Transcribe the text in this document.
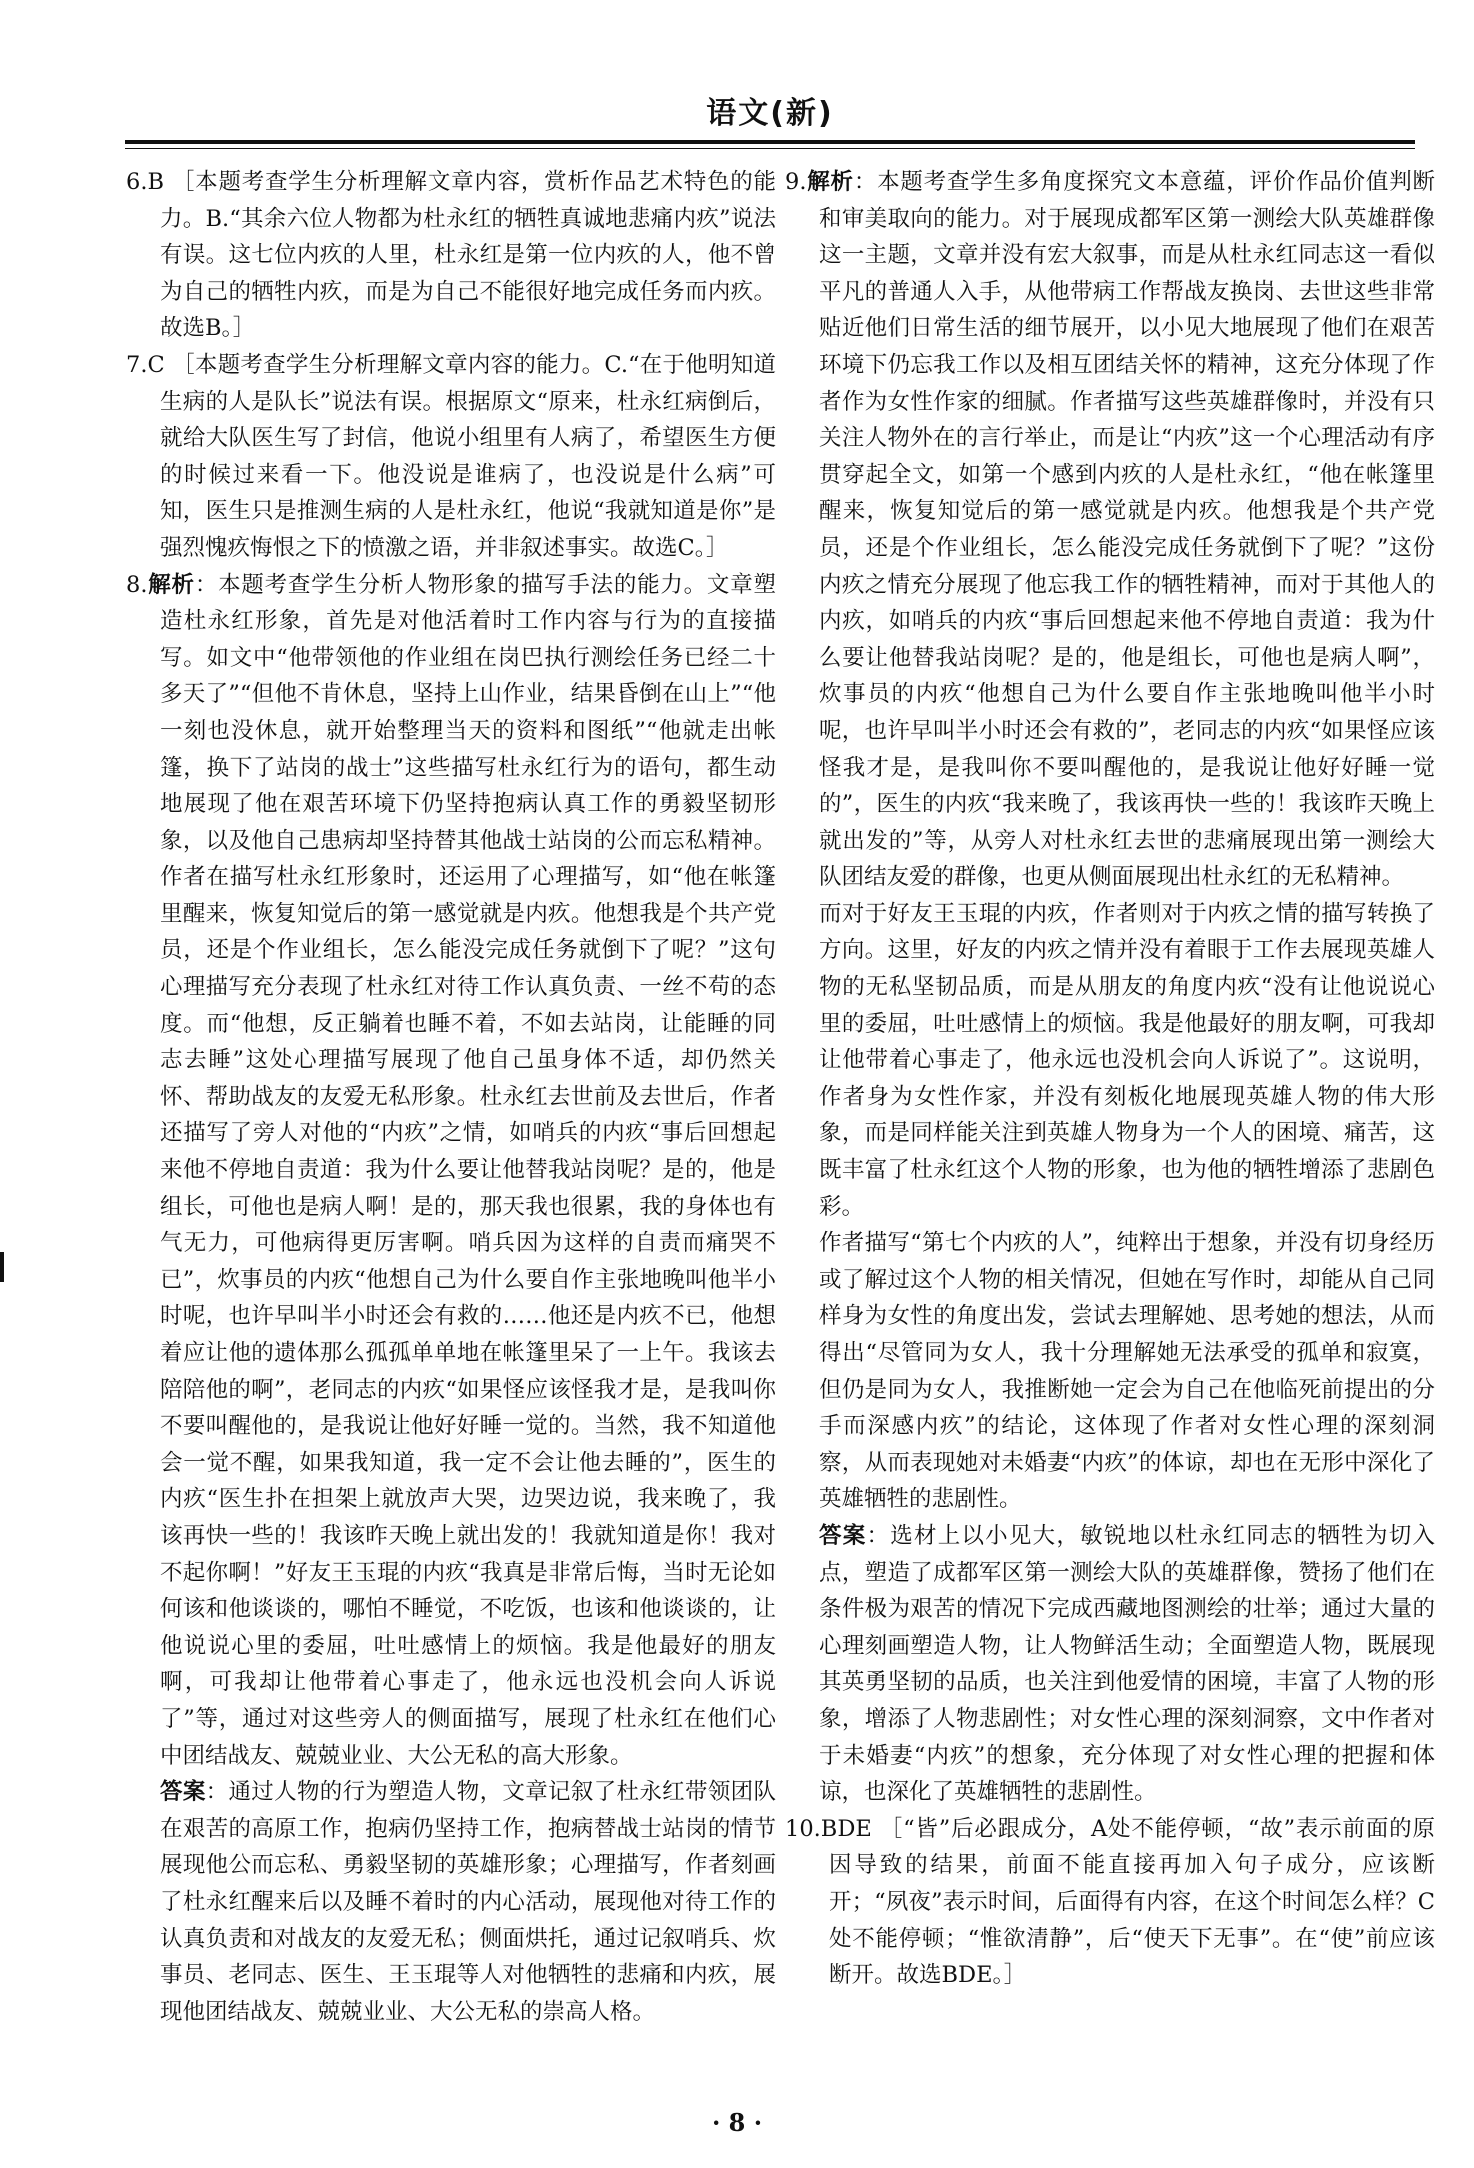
语文(新)

6.B ［本题考查学生分析理解文章内容，赏析作品艺术特色的能力。B.“其余六位人物都为杜永红的牺牲真诚地悲痛内疚”说法有误。这七位内疚的人里，杜永红是第一位内疚的人，他不曾为自己的牺牲内疚，而是为自己不能很好地完成任务而内疚。故选B。］

7.C ［本题考查学生分析理解文章内容的能力。C.“在于他明知道生病的人是队长”说法有误。根据原文“原来，杜永红病倒后，就给大队医生写了封信，他说小组里有人病了，希望医生方便的时候过来看一下。他没说是谁病了，也没说是什么病”可知，医生只是推测生病的人是杜永红，他说“我就知道是你”是强烈愧疚悔恨之下的愤激之语，并非叙述事实。故选C。］

8.解析：本题考查学生分析人物形象的描写手法的能力。文章塑造杜永红形象，首先是对他活着时工作内容与行为的直接描写。如文中“他带领他的作业组在岗巴执行测绘任务已经二十多天了”“但他不肯休息，坚持上山作业，结果昏倒在山上”“他一刻也没休息，就开始整理当天的资料和图纸”“他就走出帐篷，换下了站岗的战士”这些描写杜永红行为的语句，都生动地展现了他在艰苦环境下仍坚持抱病认真工作的勇毅坚韧形象，以及他自己患病却坚持替其他战士站岗的公而忘私精神。作者在描写杜永红形象时，还运用了心理描写，如“他在帐篷里醒来，恢复知觉后的第一感觉就是内疚。他想我是个共产党员，还是个作业组长，怎么能没完成任务就倒下了呢？”这句心理描写充分表现了杜永红对待工作认真负责、一丝不苟的态度。而“他想，反正躺着也睡不着，不如去站岗，让能睡的同志去睡”这处心理描写展现了他自己虽身体不适，却仍然关怀、帮助战友的友爱无私形象。杜永红去世前及去世后，作者还描写了旁人对他的“内疚”之情，如哨兵的内疚“事后回想起来他不停地自责道：我为什么要让他替我站岗呢？是的，他是组长，可他也是病人啊！是的，那天我也很累，我的身体也有气无力，可他病得更厉害啊。哨兵因为这样的自责而痛哭不已”，炊事员的内疚“他想自己为什么要自作主张地晚叫他半小时呢，也许早叫半小时还会有救的……他还是内疚不已，他想着应让他的遗体那么孤孤单单地在帐篷里呆了一上午。我该去陪陪他的啊”，老同志的内疚“如果怪应该怪我才是，是我叫你不要叫醒他的，是我说让他好好睡一觉的。当然，我不知道他会一觉不醒，如果我知道，我一定不会让他去睡的”，医生的内疚“医生扑在担架上就放声大哭，边哭边说，我来晚了，我该再快一些的！我该昨天晚上就出发的！我就知道是你！我对不起你啊！”好友王玉琨的内疚“我真是非常后悔，当时无论如何该和他谈谈的，哪怕不睡觉，不吃饭，也该和他谈谈的，让他说说心里的委屈，吐吐感情上的烦恼。我是他最好的朋友啊，可我却让他带着心事走了，他永远也没机会向人诉说了”等，通过对这些旁人的侧面描写，展现了杜永红在他们心中团结战友、兢兢业业、大公无私的高大形象。

答案：通过人物的行为塑造人物，文章记叙了杜永红带领团队在艰苦的高原工作，抱病仍坚持工作，抱病替战士站岗的情节展现他公而忘私、勇毅坚韧的英雄形象；心理描写，作者刻画了杜永红醒来后以及睡不着时的内心活动，展现他对待工作的认真负责和对战友的友爱无私；侧面烘托，通过记叙哨兵、炊事员、老同志、医生、王玉琨等人对他牺牲的悲痛和内疚，展现他团结战友、兢兢业业、大公无私的崇高人格。

9.解析：本题考查学生多角度探究文本意蕴，评价作品价值判断和审美取向的能力。对于展现成都军区第一测绘大队英雄群像这一主题，文章并没有宏大叙事，而是从杜永红同志这一看似平凡的普通人入手，从他带病工作帮战友换岗、去世这些非常贴近他们日常生活的细节展开，以小见大地展现了他们在艰苦环境下仍忘我工作以及相互团结关怀的精神，这充分体现了作者作为女性作家的细腻。作者描写这些英雄群像时，并没有只关注人物外在的言行举止，而是让“内疚”这一个心理活动有序贯穿起全文，如第一个感到内疚的人是杜永红，“他在帐篷里醒来，恢复知觉后的第一感觉就是内疚。他想我是个共产党员，还是个作业组长，怎么能没完成任务就倒下了呢？”这份内疚之情充分展现了他忘我工作的牺牲精神，而对于其他人的内疚，如哨兵的内疚“事后回想起来他不停地自责道：我为什么要让他替我站岗呢？是的，他是组长，可他也是病人啊”，炊事员的内疚“他想自己为什么要自作主张地晚叫他半小时呢，也许早叫半小时还会有救的”，老同志的内疚“如果怪应该怪我才是，是我叫你不要叫醒他的，是我说让他好好睡一觉的”，医生的内疚“我来晚了，我该再快一些的！我该昨天晚上就出发的”等，从旁人对杜永红去世的悲痛展现出第一测绘大队团结友爱的群像，也更从侧面展现出杜永红的无私精神。

而对于好友王玉琨的内疚，作者则对于内疚之情的描写转换了方向。这里，好友的内疚之情并没有着眼于工作去展现英雄人物的无私坚韧品质，而是从朋友的角度内疚“没有让他说说心里的委屈，吐吐感情上的烦恼。我是他最好的朋友啊，可我却让他带着心事走了，他永远也没机会向人诉说了”。这说明，作者身为女性作家，并没有刻板化地展现英雄人物的伟大形象，而是同样能关注到英雄人物身为一个人的困境、痛苦，这既丰富了杜永红这个人物的形象，也为他的牺牲增添了悲剧色彩。

作者描写“第七个内疚的人”，纯粹出于想象，并没有切身经历或了解过这个人物的相关情况，但她在写作时，却能从自己同样身为女性的角度出发，尝试去理解她、思考她的想法，从而得出“尽管同为女人，我十分理解她无法承受的孤单和寂寞，但仍是同为女人，我推断她一定会为自己在他临死前提出的分手而深感内疚”的结论，这体现了作者对女性心理的深刻洞察，从而表现她对未婚妻“内疚”的体谅，却也在无形中深化了英雄牺牲的悲剧性。

答案：选材上以小见大，敏锐地以杜永红同志的牺牲为切入点，塑造了成都军区第一测绘大队的英雄群像，赞扬了他们在条件极为艰苦的情况下完成西藏地图测绘的壮举；通过大量的心理刻画塑造人物，让人物鲜活生动；全面塑造人物，既展现其英勇坚韧的品质，也关注到他爱情的困境，丰富了人物的形象，增添了人物悲剧性；对女性心理的深刻洞察，文中作者对于未婚妻“内疚”的想象，充分体现了对女性心理的把握和体谅，也深化了英雄牺牲的悲剧性。

10.BDE ［“皆”后必跟成分，A处不能停顿，“故”表示前面的原因导致的结果，前面不能直接再加入句子成分，应该断开；“夙夜”表示时间，后面得有内容，在这个时间怎么样？C处不能停顿；“惟欲清静”，后“使天下无事”。在“使”前应该断开。故选BDE。］

· 8 ·
